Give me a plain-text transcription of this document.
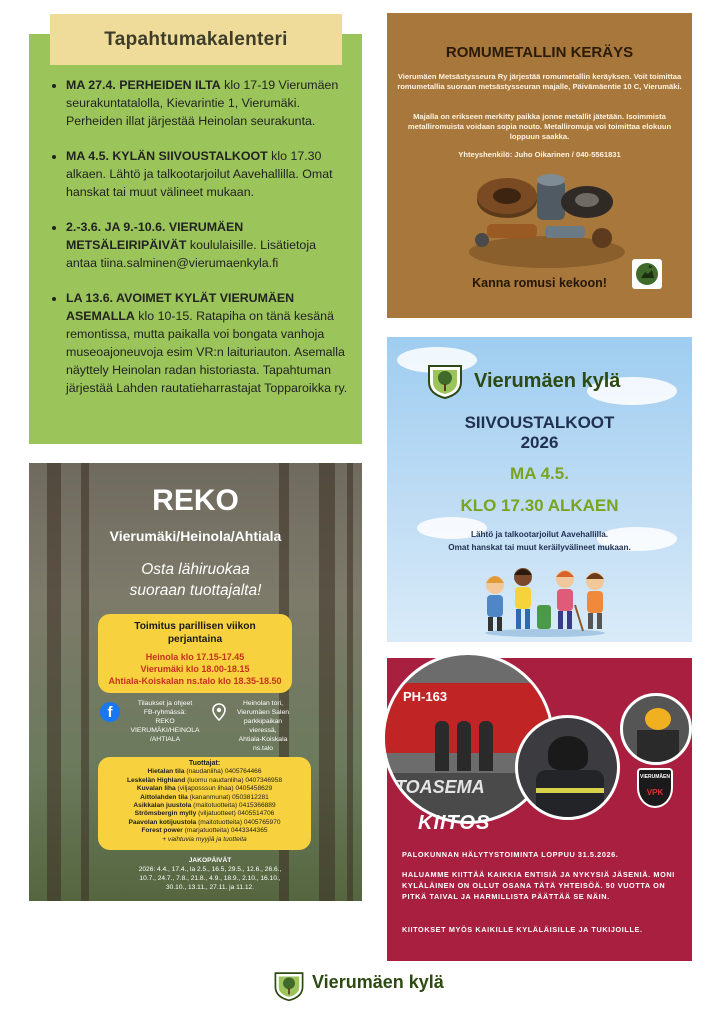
Tapahtumakalenteri
• MA 27.4. PERHEIDEN ILTA klo 17-19 Vierumäen seurakuntatalolla, Kievarintie 1, Vierumäki. Perheiden illat järjestää Heinolan seurakunta.
• MA 4.5. KYLÄN SIIVOUSTALKOOT klo 17.30 alkaen. Lähtö ja talkootarjoilut Aavehallilla. Omat hanskat tai muut välineet mukaan.
• 2.-3.6. JA 9.-10.6. VIERUMÄEN METSÄLEIRIPÄIVÄT koululaisille. Lisätietoja antaa tiina.salminen@vierumaenkyla.fi
• LA 13.6. AVOIMET KYLÄT VIERUMÄEN ASEMALLA klo 10-15. Ratapiha on tänä kesänä remontissa, mutta paikalla voi bongata vanhoja museoajoneuvoja esim VR:n laituriauton. Asemalla näyttely Heinolan radan historiasta. Tapahtuman järjestää Lahden rautatieharrastajat Topparoikka ry.
ROMUMETALLIN KERÄYS
Vierumäen Metsästysseura Ry järjestää romumetallin keräyksen. Voit toimittaa romumetallia suoraan metsästysseuran majalle, Päivämäentie 10 C, Vierumäki.
Majalla on erikseen merkitty paikka jonne metallit jätetään. Isoimmista metalliromuista voidaan sopia nouto. Metalliromuja voi toimittaa elokuun loppuun saakka.
Yhteyshenkilö: Juho Oikarinen / 040-5561831
Kanna romusi kekoon!
Vierumäen kylä
SIIVOUSTALKOOT
2026
MA 4.5.
KLO 17.30 ALKAEN
Lähtö ja talkootarjoilut Aavehallilla.
Omat hanskat tai muut keräilyvälineet mukaan.
REKO
Vierumäki/Heinola/Ahtiala
Osta lähiruokaa
suoraan tuottajalta!
Toimitus parillisen viikon
perjantaina
Heinola klo 17.15-17.45
Vierumäki klo 18.00-18.15
Ahtiala-Koiskalan ns.talo klo 18.35-18.50
f
Tilaukset ja ohjeet
FB-ryhmässä:
REKO
VIERUMÄKI/HEINOLA
/AHTIALA
Heinolan tori,
Vierumäen Salen
parkkipaikan
vieressä,
Ahtiala-Koiskala
ns.talo
Tuottajat:
Hietalan tila (naudanliha) 0405764466
Leskelän Highland (luomu naudanliha) 0407346958
Kuvalan liha (viljaposssun lihaa) 0405458629
Aittolahden tila (kananmunat) 0503812281
Asikkalan juustola (maitotuotteita) 0415366889
Strömsbergin mylly (viljatuotteet) 0405514706
Paavolan kotijuustola (maitotuotteita) 0405765970
Forest power (marjatuotteita) 0443344365
+ vaihtuvia myyjiä ja tuotteita
JAKOPÄIVÄT
2026: 4.4., 17.4., la 2.5., 16.5, 29.5., 12.6., 26.6.,
10.7., 24.7., 7.8., 21.8., 4.9., 18.9., 2.10., 16.10.,
30.10., 13.11., 27.11. ja 11.12.
PH-163
TOASEMA	VIERUMÄEN
VPK
KIITOS
PALOKUNNAN HÄLYTYSTOIMINTA LOPPUU 31.5.2026.
HALUAMME KIITTÄÄ KAIKKIA ENTISIÄ JA NYKYSIÄ JÄSENIÄ. MONI KYLÄLÄINEN ON OLLUT OSANA TÄTÄ YHTEISÖÄ. 50 VUOTTA ON PITKÄ TAIVAL JA HARMILLISTA PÄÄTTÄÄ SE NÄIN.
KIITOKSET MYÖS KAIKILLE KYLÄLÄISILLE JA TUKIJOILLE.
Vierumäen kylä
